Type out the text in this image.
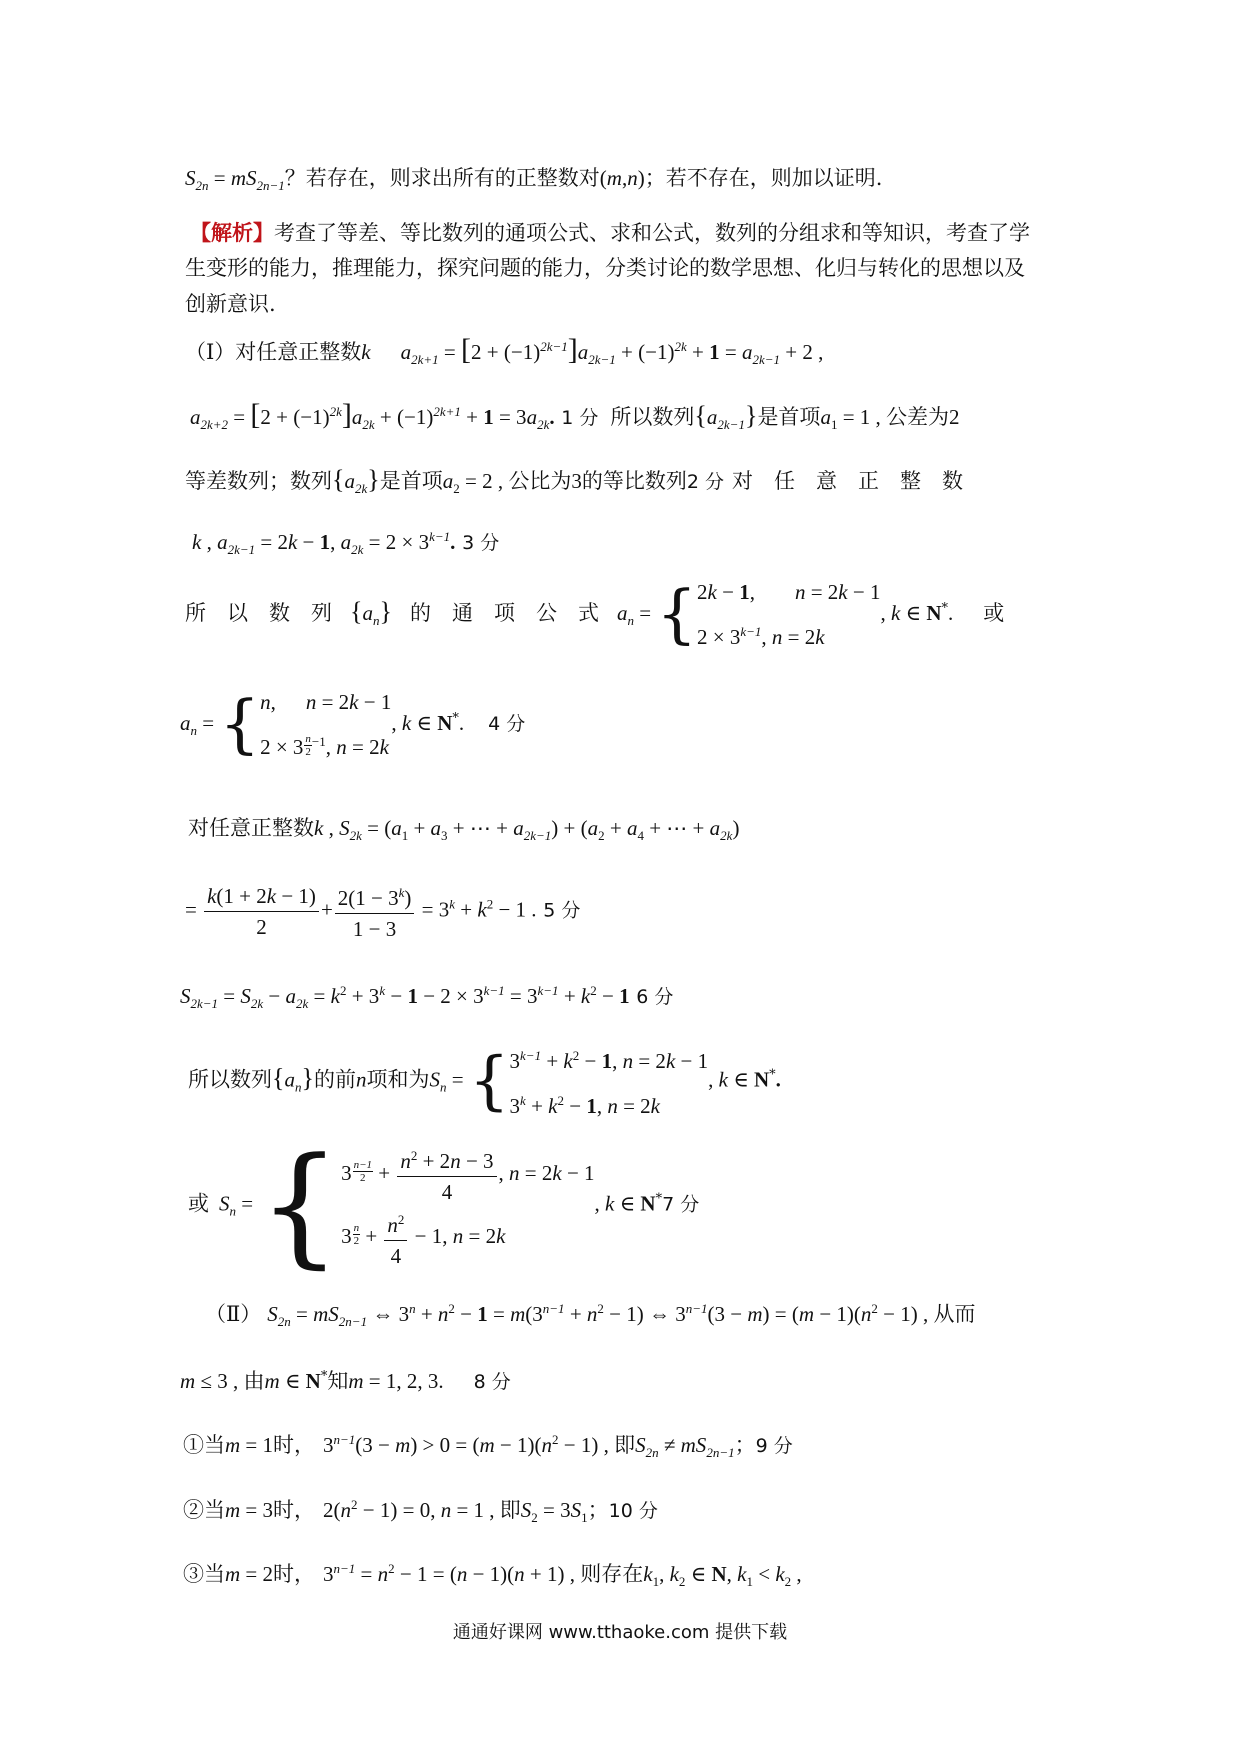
$S_{2n} = mS_{2n-1}$？若存在，则求出所有的正整数对(m,n)；若不存在，则加以证明.
【解析】考查了等差、等比数列的通项公式、求和公式，数列的分组求和等知识，考查了学
生变形的能力，推理能力，探究问题的能力，分类讨论的数学思想、化归与转化的思想以及
创新意识.
（Ⅰ）对任意正整数k $a_{2k+1} = [2 + (-1)^{2k-1}]a_{2k-1} + (-1)^{2k} + 1 = a_{2k-1} + 2$ ,
$a_{2k+2} = [2 + (-1)^{2k}]a_{2k} + (-1)^{2k+1} + 1 = 3a_{2k}$. 1 分 所以数列$\{a_{2k-1}\}$是首项$a_1 = 1$ , 公差为2
等差数列；数列$\{a_{2k}\}$是首项$a_2 = 2$ , 公比为3的等比数列2 分 对　任　意　正　整　数
k , $a_{2k-1} = 2k - 1$, $a_{2k} = 2 \times 3^{k-1}$. 3 分
所　以　数　列 $\{a_n\}$ 的　通　项　公　式 $a_n = \{2k - 1$, n = 2k − 1
$2 \times 3^{k-1}$, n = 2k, k ∈ N*. 或
$a_n = \{n$, n = 2k − 1
$2 \times 3 \frac{n}{2} ^{-1}$, n = 2k, k ∈ N*. 4 分
对任意正整数k , $S_{2k} = (a_1 + a_3$ + ⋯ + $a_{2k-1}) + (a_2 + a_4$ + ⋯ + $a_{2k}$)
= $\frac{k(1 + 2k - 1)}{2} + \frac{2(1 - 3^k)}{1 - 3} = 3^k + k^2 - 1$ . 5 分
$S_{2k-1} = S_{2k} - a_{2k} = k^2 + 3^k - 1 - 2 \times 3^{k-1} = 3^{k-1} + k^2 - 1$ 6 分
所以数列$\{a_n\}$的前n项和为$S_n = \{3^{k-1} + k^2 - 1$, n = 2k − 1
$3^k + k^2 - 1$, n = 2k, k ∈ N*.
或 $S_n = \{3 \frac{n-1}{2} + \frac{n^2 + 2n - 3}{4}$ , n = 2k − 1
$3 \frac{n}{2} + \frac{n^2}{4} - 1$, n = 2k, k ∈ N*7 分
（Ⅱ） $S_{2n} = mS_{2n-1}$ ⇔ $3^n + n^2 - 1 = m(3^{n-1} + n^2 - 1)$ ⇔ $3^{n-1}(3 - m) = (m - 1)(n^2 - 1)$ , 从而
m ≤ 3 , 由m ∈ N*知m = 1, 2, 3. 8 分
①当m = 1时， $3^{n-1}(3 - m) > 0 = (m - 1)(n^2 - 1)$ , 即$S_{2n} \ne mS_{2n-1}$；9 分
②当m = 3时， $2(n^2 - 1) = 0$, n = 1 , 即$S_2 = 3S_1$；10 分
③当m = 2时， $3^{n-1} = n^2 - 1 = (n - 1)(n + 1)$ , 则存在$k_1$, $k_2$ ∈ N, $k_1 < k_2$ ,
通通好课网 www.tthaoke.com 提供下载
